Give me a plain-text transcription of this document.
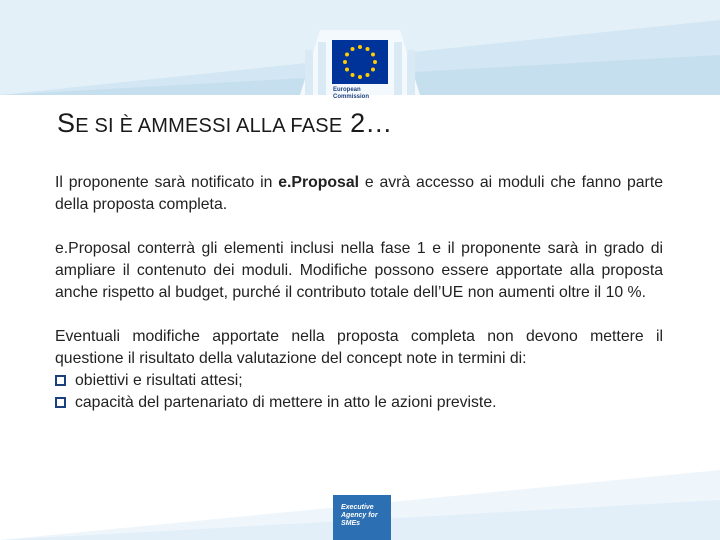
European
Commission
SE SI È AMMESSI ALLA FASE 2…

Il proponente sarà notificato in e.Proposal e avrà accesso ai moduli che fanno parte della proposta completa.

e.Proposal conterrà gli elementi inclusi nella fase 1 e il proponente sarà in grado di ampliare il contenuto dei moduli. Modifiche possono essere apportate alla proposta anche rispetto al budget, purché il contributo totale dell’UE non aumenti oltre il 10 %.

Eventuali modifiche apportate nella proposta completa non devono mettere il questione il risultato della valutazione del concept note in termini di:

obiettivi e risultati attesi;
capacità del partenariato di mettere in atto le azioni previste.
Executive
Agency for
SMEs
